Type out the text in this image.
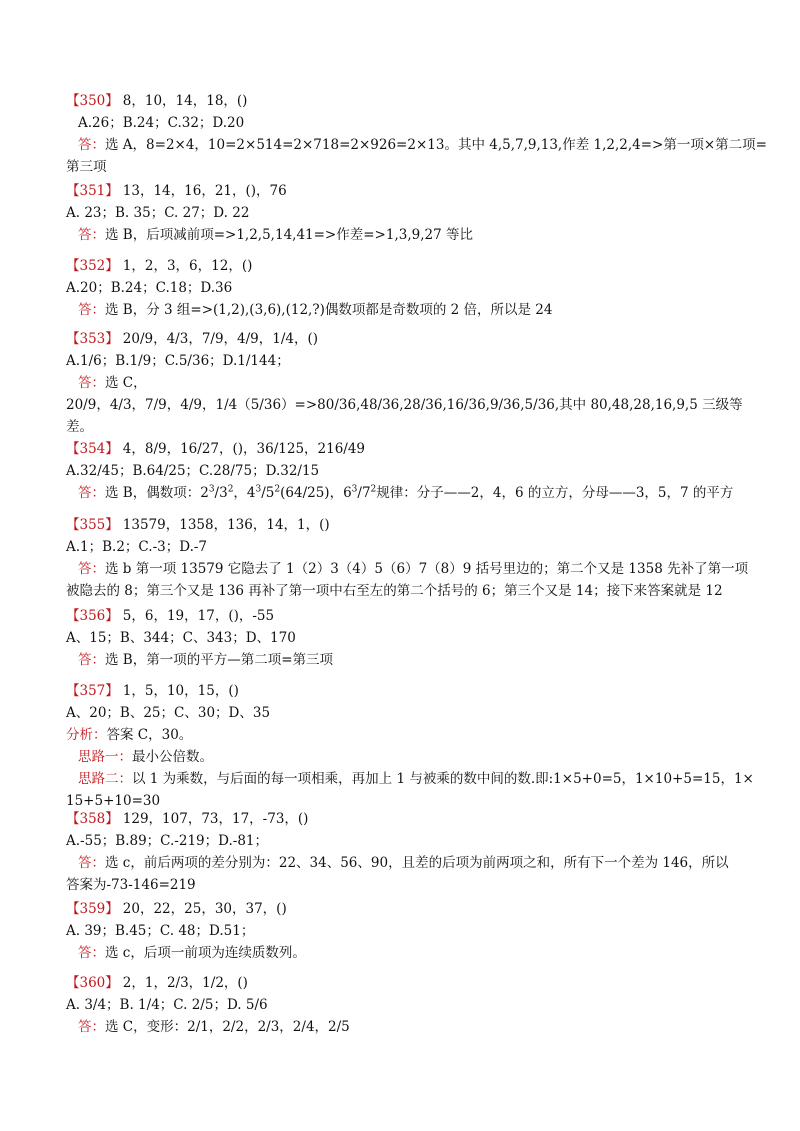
【350】 8，10，14，18，()
A.26；B.24；C.32；D.20
答：选 A，8=2×4，10=2×514=2×718=2×926=2×13。其中 4,5,7,9,13,作差 1,2,2,4=>第一项×第二项=
第三项
【351】 13，14，16，21，()，76
A. 23；B. 35；C. 27；D. 22
答：选 B，后项减前项=>1,2,5,14,41=>作差=>1,3,9,27 等比
【352】 1，2，3，6，12，()
A.20；B.24；C.18；D.36
答：选 B，分 3 组=>(1,2),(3,6),(12,?)偶数项都是奇数项的 2 倍，所以是 24
【353】 20/9，4/3，7/9，4/9，1/4，()
A.1/6；B.1/9；C.5/36；D.1/144；
答：选 C，
20/9，4/3，7/9，4/9，1/4（5/36）=>80/36,48/36,28/36,16/36,9/36,5/36,其中 80,48,28,16,9,5 三级等
差。
【354】 4，8/9，16/27，()，36/125，216/49
A.32/45；B.64/25；C.28/75；D.32/15
答：选 B，偶数项：$2^3/3^2$，$4^3/5^2(64/25)$，$6^3/7^2$规律：分子——2，4，6 的立方，分母——3，5，7 的平方
【355】 13579，1358，136，14，1，()
A.1；B.2；C.-3；D.-7
答：选 b 第一项 13579 它隐去了 1（2）3（4）5（6）7（8）9 括号里边的；第二个又是 1358 先补了第一项
被隐去的 8；第三个又是 136 再补了第一项中右至左的第二个括号的 6；第三个又是 14；接下来答案就是 12
【356】 5，6，19，17，()，-55
A、15；B、344；C、343；D、170
答：选 B，第一项的平方—第二项=第三项
【357】 1，5，10，15，()
A、20；B、25；C、30；D、35
分析：答案 C，30。
思路一：最小公倍数。
思路二：以 1 为乘数，与后面的每一项相乘，再加上 1 与被乘的数中间的数.即:1×5+0=5，1×10+5=15，1×
15+5+10=30
【358】 129，107，73，17，-73，()
A.-55；B.89；C.-219；D.-81；
答：选 c，前后两项的差分别为：22、34、56、90，且差的后项为前两项之和，所有下一个差为 146，所以
答案为-73-146=219
【359】 20，22，25，30，37，()
A. 39；B.45；C. 48；D.51；
答：选 c，后项一前项为连续质数列。
【360】 2，1，2/3，1/2，()
A. 3/4；B. 1/4；C. 2/5；D. 5/6
答：选 C，变形：2/1，2/2，2/3，2/4，2/5
